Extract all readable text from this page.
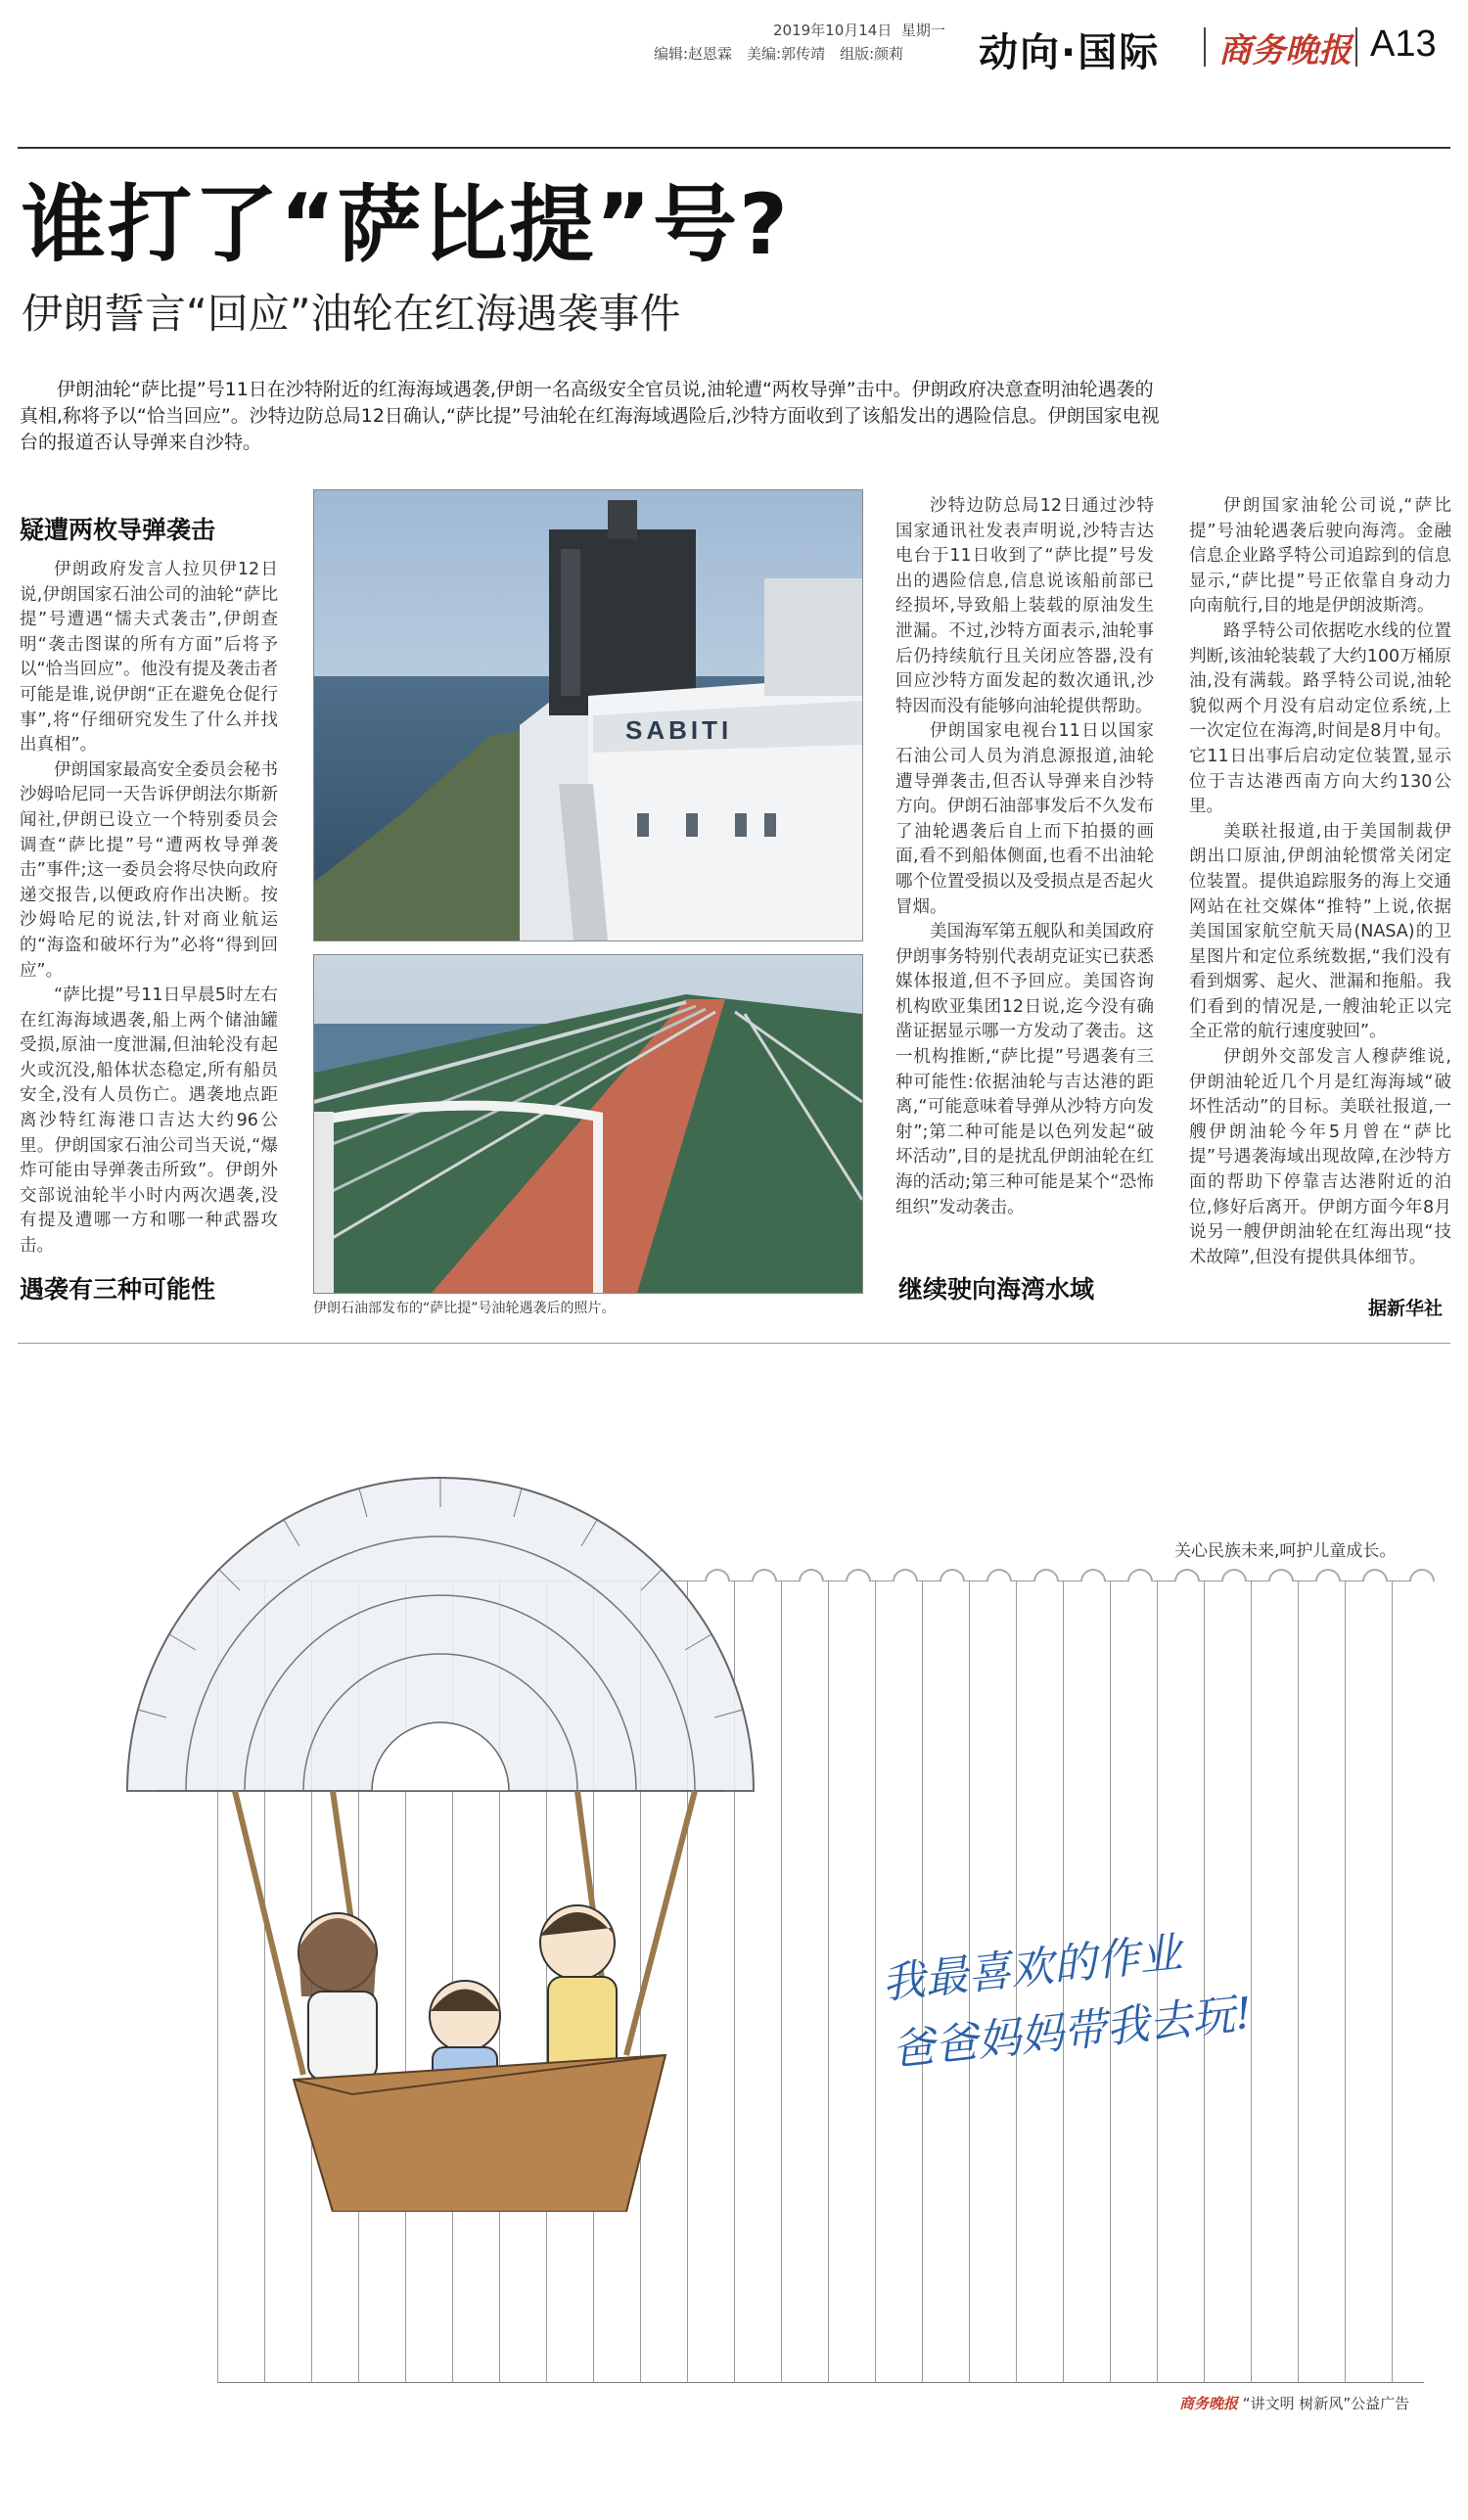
2019年10月14日 星期一
编辑:赵恩霖　美编:郭传靖　组版:颜莉 动向·国际 商务晚报 A13
谁打了“萨比提”号?
伊朗誓言“回应”油轮在红海遇袭事件
伊朗油轮“萨比提”号11日在沙特附近的红海海域遇袭,伊朗一名高级安全官员说,油轮遭“两枚导弹”击中。伊朗政府决意查明油轮遇袭的真相,称将予以“恰当回应”。沙特边防总局12日确认,“萨比提”号油轮在红海海域遇险后,沙特方面收到了该船发出的遇险信息。伊朗国家电视台的报道否认导弹来自沙特。
疑遭两枚导弹袭击

伊朗政府发言人拉贝伊12日说,伊朗国家石油公司的油轮“萨比提”号遭遇“懦夫式袭击”,伊朗查明“袭击图谋的所有方面”后将予以“恰当回应”。他没有提及袭击者可能是谁,说伊朗“正在避免仓促行事”,将“仔细研究发生了什么并找出真相”。

伊朗国家最高安全委员会秘书沙姆哈尼同一天告诉伊朗法尔斯新闻社,伊朗已设立一个特别委员会调查“萨比提”号“遭两枚导弹袭击”事件;这一委员会将尽快向政府递交报告,以便政府作出决断。按沙姆哈尼的说法,针对商业航运的“海盗和破坏行为”必将“得到回应”。

“萨比提”号11日早晨5时左右在红海海域遇袭,船上两个储油罐受损,原油一度泄漏,但油轮没有起火或沉没,船体状态稳定,所有船员安全,没有人员伤亡。遇袭地点距离沙特红海港口吉达大约96公里。伊朗国家石油公司当天说,“爆炸可能由导弹袭击所致”。伊朗外交部说油轮半小时内两次遇袭,没有提及遭哪一方和哪一种武器攻击。

遇袭有三种可能性
SABITI
伊朗石油部发布的“萨比提”号油轮遇袭后的照片。

沙特边防总局12日通过沙特国家通讯社发表声明说,沙特吉达电台于11日收到了“萨比提”号发出的遇险信息,信息说该船前部已经损坏,导致船上装载的原油发生泄漏。不过,沙特方面表示,油轮事后仍持续航行且关闭应答器,没有回应沙特方面发起的数次通讯,沙特因而没有能够向油轮提供帮助。

伊朗国家电视台11日以国家石油公司人员为消息源报道,油轮遭导弹袭击,但否认导弹来自沙特方向。伊朗石油部事发后不久发布了油轮遇袭后自上而下拍摄的画面,看不到船体侧面,也看不出油轮哪个位置受损以及受损点是否起火冒烟。

美国海军第五舰队和美国政府伊朗事务特别代表胡克证实已获悉媒体报道,但不予回应。美国咨询机构欧亚集团12日说,迄今没有确凿证据显示哪一方发动了袭击。这一机构推断,“萨比提”号遇袭有三种可能性:依据油轮与吉达港的距离,“可能意味着导弹从沙特方向发射”;第二种可能是以色列发起“破坏活动”,目的是扰乱伊朗油轮在红海的活动;第三种可能是某个“恐怖组织”发动袭击。

继续驶向海湾水域

伊朗国家油轮公司说,“萨比提”号油轮遇袭后驶向海湾。金融信息企业路孚特公司追踪到的信息显示,“萨比提”号正依靠自身动力向南航行,目的地是伊朗波斯湾。

路孚特公司依据吃水线的位置判断,该油轮装载了大约100万桶原油,没有满载。路孚特公司说,油轮貌似两个月没有启动定位系统,上一次定位在海湾,时间是8月中旬。它11日出事后启动定位装置,显示位于吉达港西南方向大约130公里。

美联社报道,由于美国制裁伊朗出口原油,伊朗油轮惯常关闭定位装置。提供追踪服务的海上交通网站在社交媒体“推特”上说,依据美国国家航空航天局(NASA)的卫星图片和定位系统数据,“我们没有看到烟雾、起火、泄漏和拖船。我们看到的情况是,一艘油轮正以完全正常的航行速度驶回”。

伊朗外交部发言人穆萨维说,伊朗油轮近几个月是红海海域“破坏性活动”的目标。美联社报道,一艘伊朗油轮今年5月曾在“萨比提”号遇袭海域出现故障,在沙特方面的帮助下停靠吉达港附近的泊位,修好后离开。伊朗方面今年8月说另一艘伊朗油轮在红海出现“技术故障”,但没有提供具体细节。

据新华社
关心民族未来,呵护儿童成长。
我最喜欢的作业
爸爸妈妈带我去玩!
商务晚报 “讲文明 树新风”公益广告
